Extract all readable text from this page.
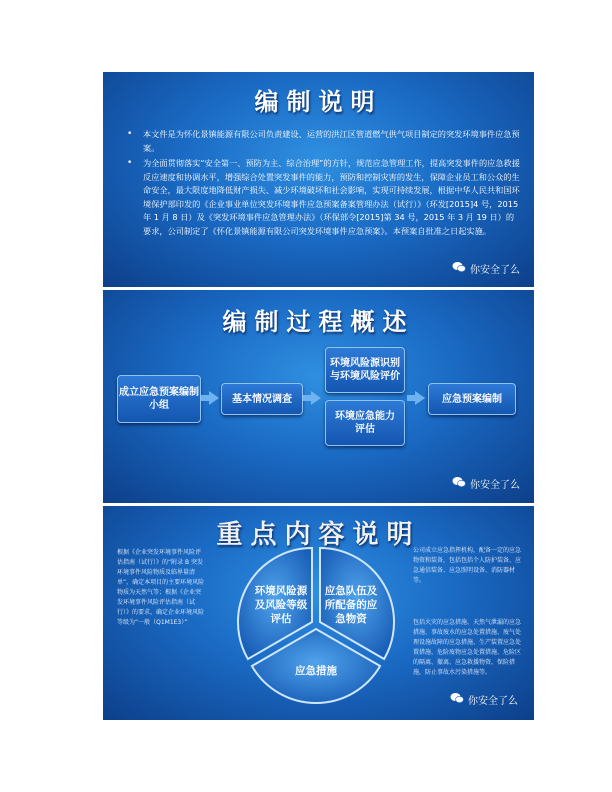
编制说明
• 本文件是为怀化景镇能源有限公司负责建设、运营的洪江区管道燃气供气项目制定的突发环境事件应急预案。
• 为全面贯彻落实“安全第一、预防为主、综合治理”的方针，规范应急管理工作，提高突发事件的应急救援反应速度和协调水平，增强综合处置突发事件的能力，预防和控制灾害的发生，保障企业员工和公众的生命安全，最大限度地降低财产损失、减少环境破坏和社会影响，实现可持续发展，根据中华人民共和国环境保护部印发的《企业事业单位突发环境事件应急预案备案管理办法（试行）》（环发[2015]4 号，2015 年 1 月 8 日）及《突发环境事件应急管理办法》（环保部令[2015]第 34 号，2015 年 3 月 19 日）的要求，公司制定了《怀化景镇能源有限公司突发环境事件应急预案》。本预案自批准之日起实施。
你安全了么
编制过程概述
成立应急预案编制小组
基本情况调查
环境风险源识别与环境风险评价
环境应急能力评估
应急预案编制
你安全了么
重点内容说明
根据《企业突发环境事件风险评估指南（试行）》的“附录 B 突发环境事件风险物质及临界量清单”，确定本项目的主要环境风险物质为天然气等；根据《企业突发环境事件风险评估指南（试行）》的要求，确定企业环境风险等级为“一般（Q1M1E3）”
公司成立应急指挥机构，配备一定的应急物资和装备，包括包括个人防护装备、应急通信装备、应急照明设备、消防器材等。
包括火灾的应急措施、天然气泄漏的应急措施、事故废水的应急处置措施、废气处理设施故障的应急措施、生产装置应急处置措施、危险废物应急处置措施、危险区的隔离、撤离、应急救援物资、保险措施，防止事故水污染措施等。
环境风险源
及风险等级
评估
应急队伍及
所配备的应
急物资
应急措施
你安全了么
